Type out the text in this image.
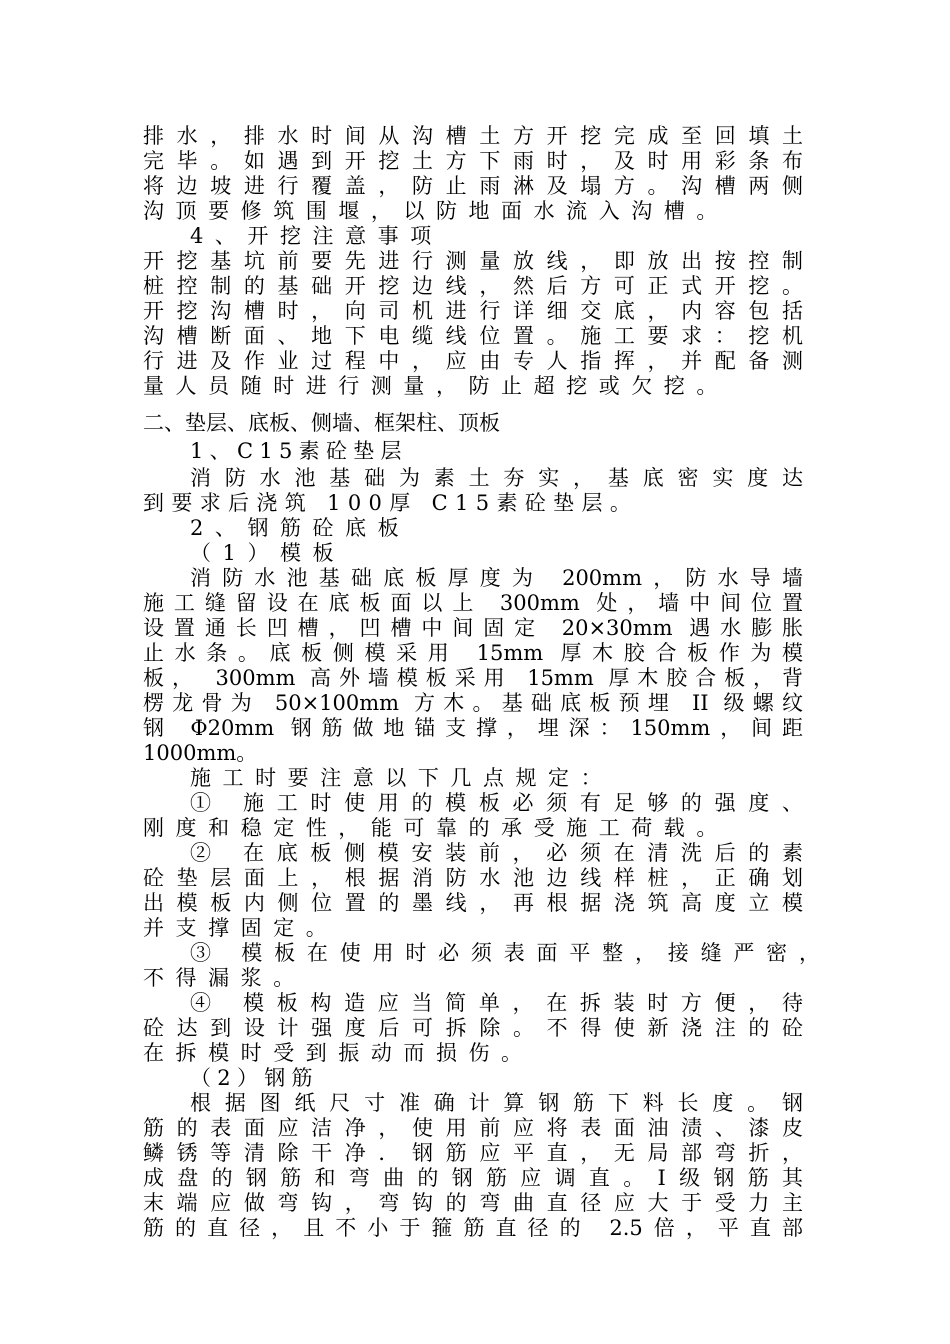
排水，排水时间从沟槽土方开挖完成至回填土
完毕。如遇到开挖土方下雨时，及时用彩条布
将边坡进行覆盖，防止雨淋及塌方。沟槽两侧
沟顶要修筑围堰，以防地面水流入沟槽。
4、开挖注意事项
开挖基坑前要先进行测量放线，即放出按控制
桩控制的基础开挖边线，然后方可正式开挖。
开挖沟槽时，向司机进行详细交底，内容包括
沟槽断面、地下电缆线位置。施工要求：挖机
行进及作业过程中，应由专人指挥，并配备测
量人员随时进行测量，防止超挖或欠挖。
二、垫层、底板、侧墙、框架柱、顶板
1、C15素砼垫层
消防水池基础为素土夯实，基底密实度达
到要求后浇筑 100厚 C15素砼垫层。
2、钢筋砼底板
（1）模板
消防水池基础底板厚度为 200mm，防水导墙
施工缝留设在底板面以上 300mm 处，墙中间位置
设置通长凹槽，凹槽中间固定 20×30mm 遇水膨胀
止水条。底板侧模采用 15mm 厚木胶合板作为模
板， 300mm 高外墙模板采用 15mm 厚木胶合板，背
楞龙骨为 50×100mm 方木。基础底板预埋 II 级螺纹
钢 Φ20mm 钢筋做地锚支撑，埋深：150mm，间距
1000mm。
施工时要注意以下几点规定：
① 施工时使用的模板必须有足够的强度、
刚度和稳定性，能可靠的承受施工荷载。
② 在底板侧模安装前，必须在清洗后的素
砼垫层面上，根据消防水池边线样桩，正确划
出模板内侧位置的墨线，再根据浇筑高度立模
并支撑固定。
③ 模板在使用时必须表面平整，接缝严密，
不得漏浆。
④ 模板构造应当简单，在拆装时方便，待
砼达到设计强度后可拆除。不得使新浇注的砼
在拆模时受到振动而损伤。
（2）钢筋
根据图纸尺寸准确计算钢筋下料长度。钢
筋的表面应洁净，使用前应将表面油渍、漆皮
鳞锈等清除干净．钢筋应平直，无局部弯折，
成盘的钢筋和弯曲的钢筋应调直。Ⅰ级钢筋其
末端应做弯钩，弯钩的弯曲直径应大于受力主
筋的直径，且不小于箍筋直径的 2.5倍，平直部
